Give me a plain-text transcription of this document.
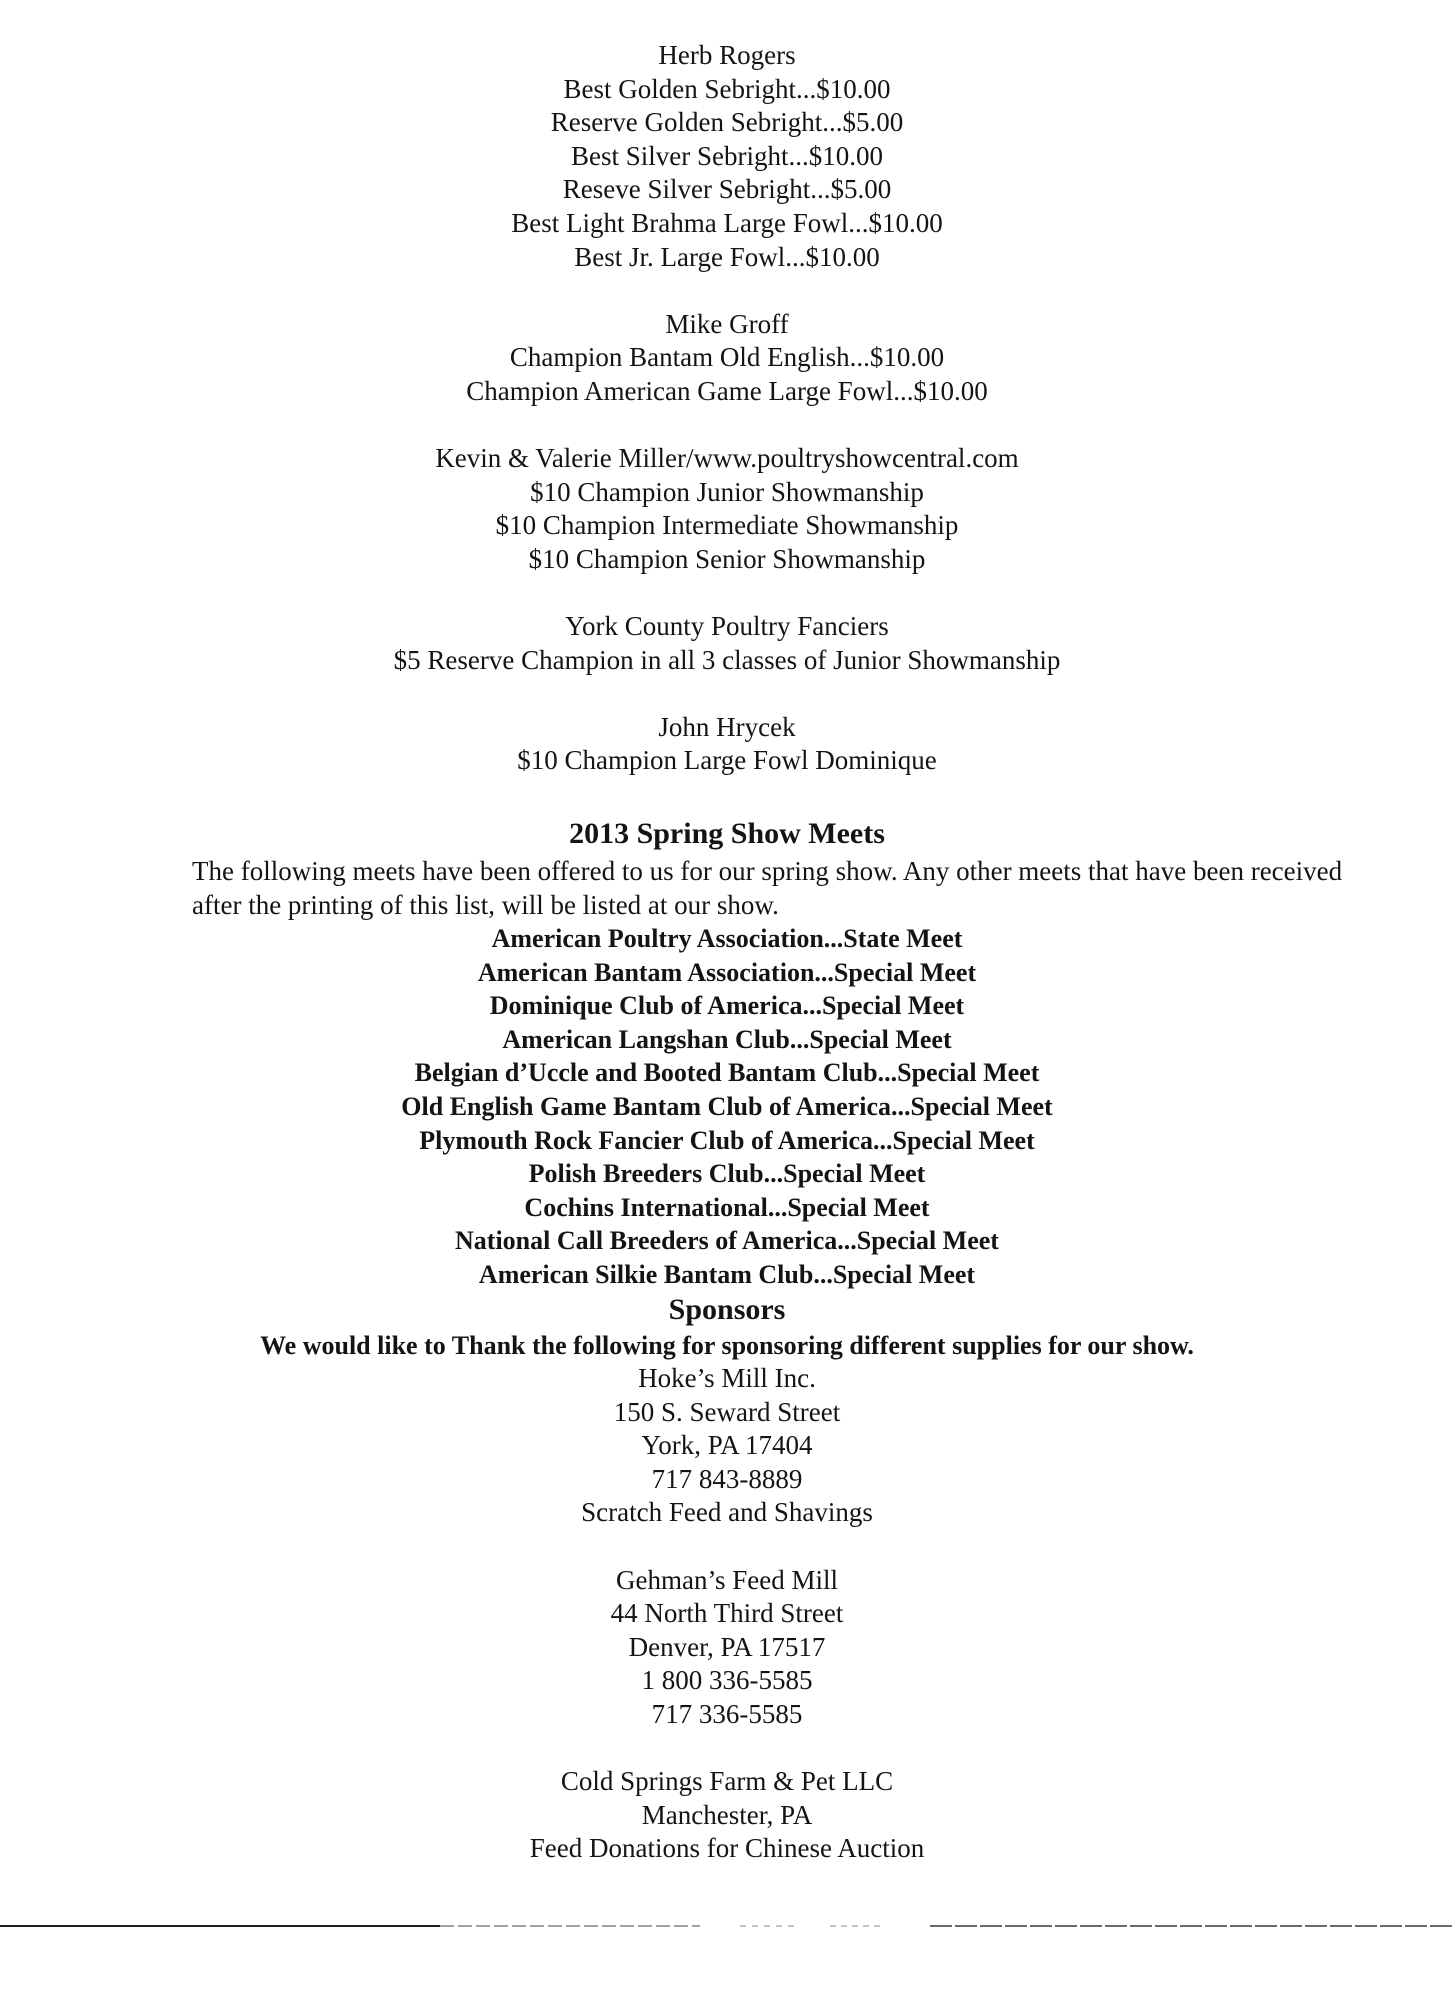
Herb Rogers
Best Golden Sebright...$10.00
Reserve Golden Sebright...$5.00
Best Silver Sebright...$10.00
Reseve Silver Sebright...$5.00
Best Light Brahma Large Fowl...$10.00
Best Jr. Large Fowl...$10.00
Mike Groff
Champion Bantam Old English...$10.00
Champion American Game Large Fowl...$10.00
Kevin & Valerie Miller/www.poultryshowcentral.com
$10 Champion Junior Showmanship
$10 Champion Intermediate Showmanship
$10 Champion Senior Showmanship
York County Poultry Fanciers
$5 Reserve Champion in all 3 classes of Junior Showmanship
John Hrycek
$10 Champion Large Fowl Dominique
2013 Spring Show Meets
The following meets have been offered to us for our spring show. Any other meets that have been received after the printing of this list, will be listed at our show.
American Poultry Association...State Meet
American Bantam Association...Special Meet
Dominique Club of America...Special Meet
American Langshan Club...Special Meet
Belgian d’Uccle and Booted Bantam Club...Special Meet
Old English Game Bantam Club of America...Special Meet
Plymouth Rock Fancier Club of America...Special Meet
Polish Breeders Club...Special Meet
Cochins International...Special Meet
National Call Breeders of America...Special Meet
American Silkie Bantam Club...Special Meet
Sponsors
We would like to Thank the following for sponsoring different supplies for our show.
Hoke’s Mill Inc.
150 S. Seward Street
York, PA 17404
717 843-8889
Scratch Feed and Shavings
Gehman’s Feed Mill
44 North Third Street
Denver, PA 17517
1 800 336-5585
717 336-5585
Cold Springs Farm & Pet LLC
Manchester, PA
Feed Donations for Chinese Auction
